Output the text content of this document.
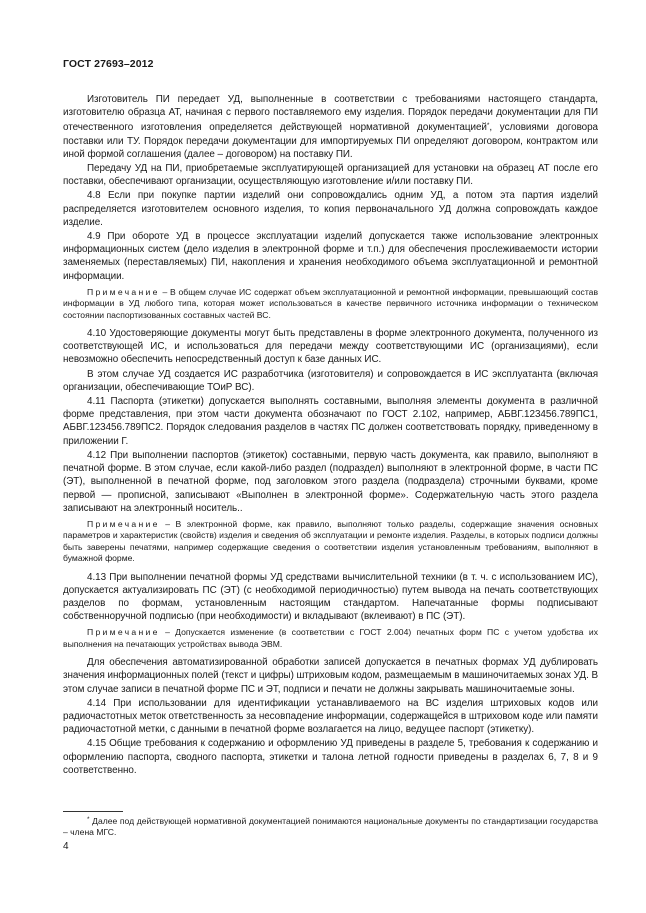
ГОСТ 27693–2012

Изготовитель ПИ передает УД, выполненные в соответствии с требованиями настоящего стандарта, изготовителю образца АТ, начиная с первого поставляемого ему изделия. Порядок передачи документации для ПИ отечественного изготовления определяется действующей нормативной документацией*, условиями договора поставки или ТУ. Порядок передачи документации для импортируемых ПИ определяют договором, контрактом или иной формой соглашения (далее – договором) на поставку ПИ.

Передачу УД на ПИ, приобретаемые эксплуатирующей организацией для установки на образец АТ после его поставки, обеспечивают организации, осуществляющую изготовление и/или поставку ПИ.

4.8 Если при покупке партии изделий они сопровождались одним УД, а потом эта партия изделий распределяется изготовителем основного изделия, то копия первоначального УД должна сопровождать каждое изделие.

4.9 При обороте УД в процессе эксплуатации изделий допускается также использование электронных информационных систем (дело изделия в электронной форме и т.п.) для обеспечения прослеживаемости истории заменяемых (переставляемых) ПИ, накопления и хранения необходимого объема эксплуатационной и ремонтной информации.

Примечание – В общем случае ИС содержат объем эксплуатационной и ремонтной информации, превышающий состав информации в УД любого типа, которая может использоваться в качестве первичного источника информации о техническом состоянии паспортизованных составных частей ВС.

4.10 Удостоверяющие документы могут быть представлены в форме электронного документа, полученного из соответствующей ИС, и использоваться для передачи между соответствующими ИС (организациями), если невозможно обеспечить непосредственный доступ к базе данных ИС.

В этом случае УД создается ИС разработчика (изготовителя) и сопровождается в ИС эксплуатанта (включая организации, обеспечивающие ТОиР ВС).

4.11 Паспорта (этикетки) допускается выполнять составными, выполняя элементы документа в различной форме представления, при этом части документа обозначают по ГОСТ 2.102, например, АБВГ.123456.789ПС1, АБВГ.123456.789ПС2. Порядок следования разделов в частях ПС должен соответствовать порядку, приведенному в приложении Г.

4.12 При выполнении паспортов (этикеток) составными, первую часть документа, как правило, выполняют в печатной форме. В этом случае, если какой-либо раздел (подраздел) выполняют в электронной форме, в части ПС (ЭТ), выполненной в печатной форме, под заголовком этого раздела (подраздела) строчными буквами, кроме первой — прописной, записывают «Выполнен в электронной форме». Содержательную часть этого раздела записывают на электронный носитель..

Примечание – В электронной форме, как правило, выполняют только разделы, содержащие значения основных параметров и характеристик (свойств) изделия и сведения об эксплуатации и ремонте изделия. Разделы, в которых подписи должны быть заверены печатями, например содержащие сведения о соответствии изделия установленным требованиям, выполняют в бумажной форме.

4.13 При выполнении печатной формы УД средствами вычислительной техники (в т. ч. с использованием ИС), допускается актуализировать ПС (ЭТ) (с необходимой периодичностью) путем вывода на печать соответствующих разделов по формам, установленным настоящим стандартом. Напечатанные формы подписывают собственноручной подписью (при необходимости) и вкладывают (вклеивают) в ПС (ЭТ).

Примечание – Допускается изменение (в соответствии с ГОСТ 2.004) печатных форм ПС с учетом удобства их выполнения на печатающих устройствах вывода ЭВМ.

Для обеспечения автоматизированной обработки записей допускается в печатных формах УД дублировать значения информационных полей (текст и цифры) штриховым кодом, размещаемым в машиночитаемых зонах УД. В этом случае записи в печатной форме ПС и ЭТ, подписи и печати не должны закрывать машиночитаемые зоны.

4.14 При использовании для идентификации устанавливаемого на ВС изделия штриховых кодов или радиочастотных меток ответственность за несовпадение информации, содержащейся в штриховом коде или памяти радиочастотной метки, с данными в печатной форме возлагается на лицо, ведущее паспорт (этикетку).

4.15 Общие требования к содержанию и оформлению УД приведены в разделе 5, требования к содержанию и оформлению паспорта, сводного паспорта, этикетки и талона летной годности приведены в разделах 6, 7, 8 и 9 соответственно.

* Далее под действующей нормативной документацией понимаются национальные документы по стандартизации государства – члена МГС.
4
